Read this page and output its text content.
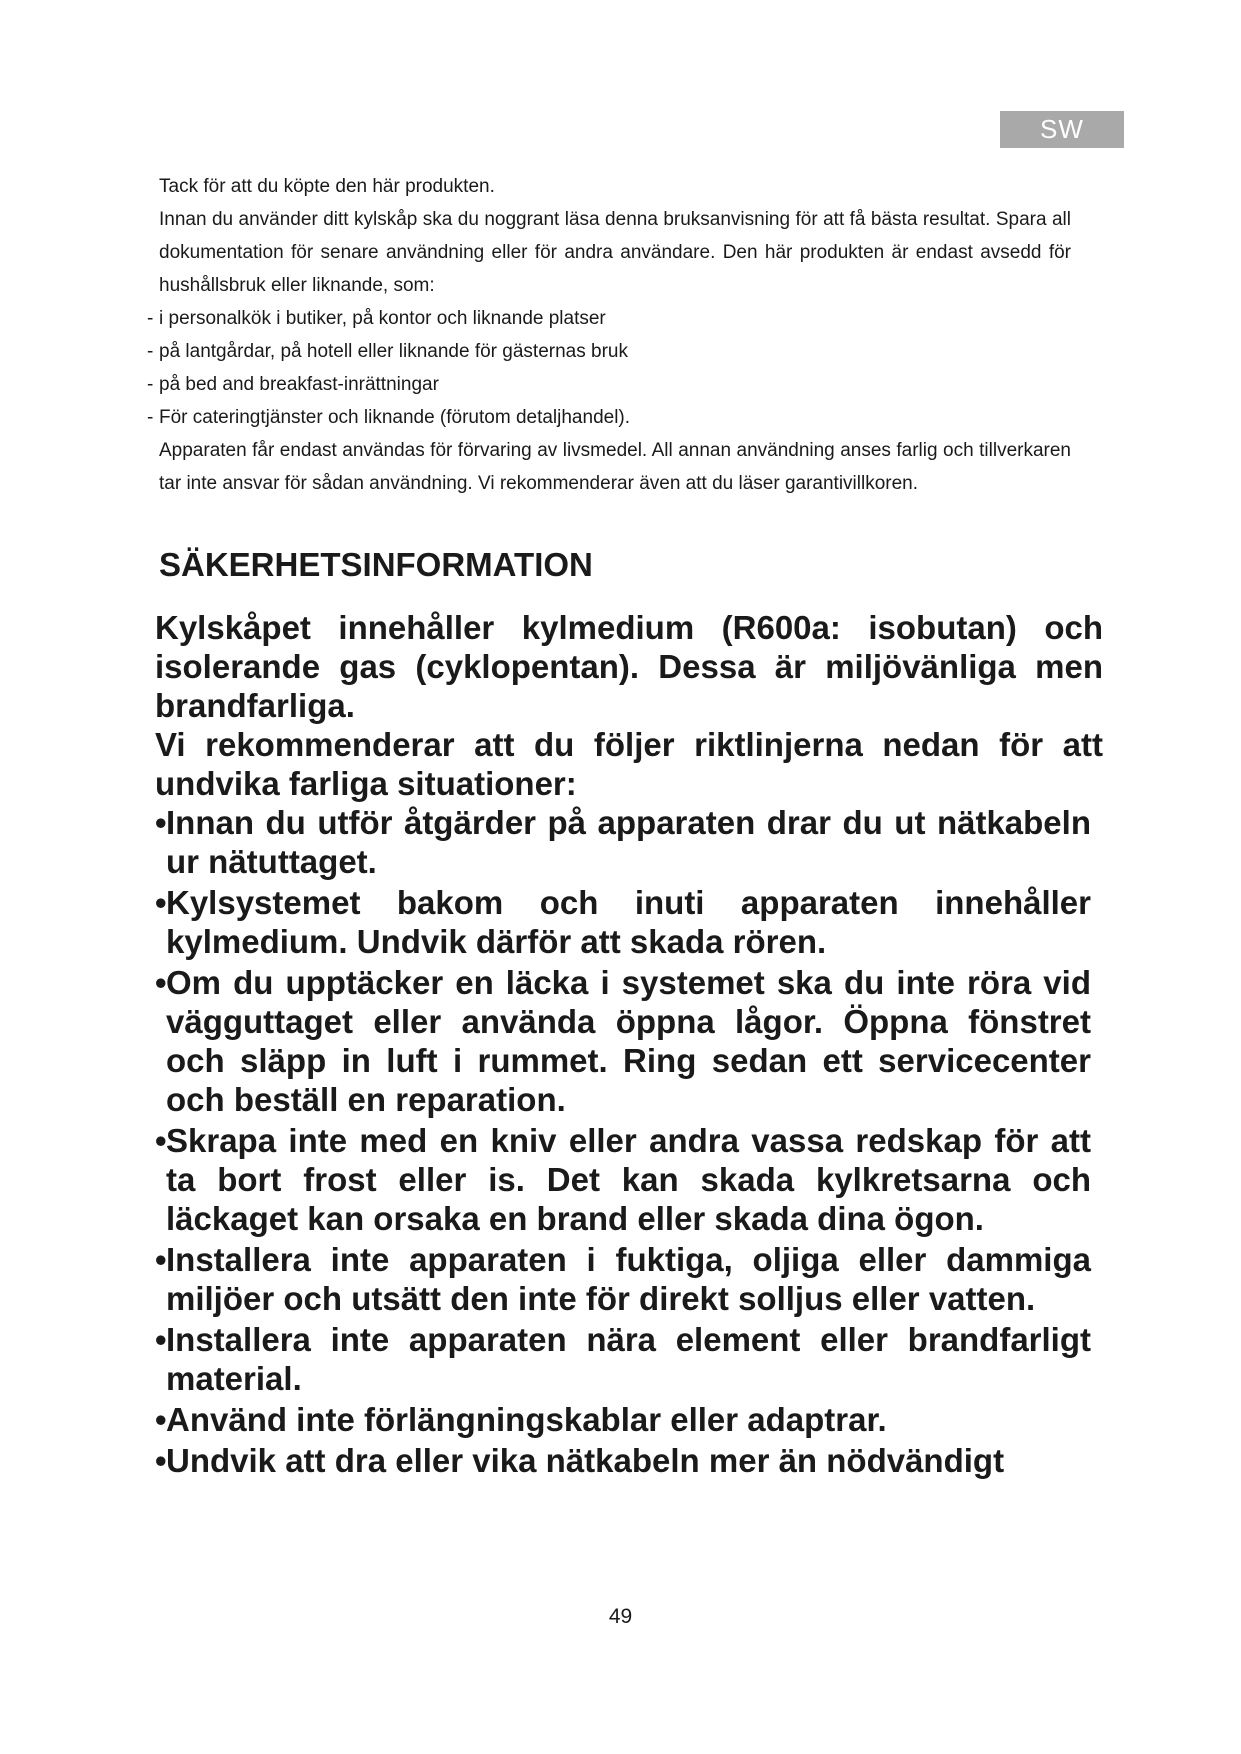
SW

Tack för att du köpte den här produkten.

Innan du använder ditt kylskåp ska du noggrant läsa denna bruksanvisning för att få bästa resultat. Spara all dokumentation för senare användning eller för andra användare. Den här produkten är endast avsedd för hushållsbruk eller liknande, som:

- i personalkök i butiker, på kontor och liknande platser
- på lantgårdar, på hotell eller liknande för gästernas bruk
- på bed and breakfast-inrättningar
- För cateringtjänster och liknande (förutom detaljhandel).

Apparaten får endast användas för förvaring av livsmedel. All annan användning anses farlig och tillverkaren tar inte ansvar för sådan användning. Vi rekommenderar även att du läser garantivillkoren.

SÄKERHETSINFORMATION

Kylskåpet innehåller kylmedium (R600a: isobutan) och isolerande gas (cyklopentan). Dessa är miljövänliga men brandfarliga.

Vi rekommenderar att du följer riktlinjerna nedan för att undvika farliga situationer:

• Innan du utför åtgärder på apparaten drar du ut nätkabeln ur nätuttaget.
• Kylsystemet bakom och inuti apparaten innehåller kylmedium. Undvik därför att skada rören.
• Om du upptäcker en läcka i systemet ska du inte röra vid vägguttaget eller använda öppna lågor. Öppna fönstret och släpp in luft i rummet. Ring sedan ett servicecenter och beställ en reparation.
• Skrapa inte med en kniv eller andra vassa redskap för att ta bort frost eller is. Det kan skada kylkretsarna och läckaget kan orsaka en brand eller skada dina ögon.
• Installera inte apparaten i fuktiga, oljiga eller dammiga miljöer och utsätt den inte för direkt solljus eller vatten.
• Installera inte apparaten nära element eller brandfarligt material.
• Använd inte förlängningskablar eller adaptrar.
• Undvik att dra eller vika nätkabeln mer än nödvändigt
49
